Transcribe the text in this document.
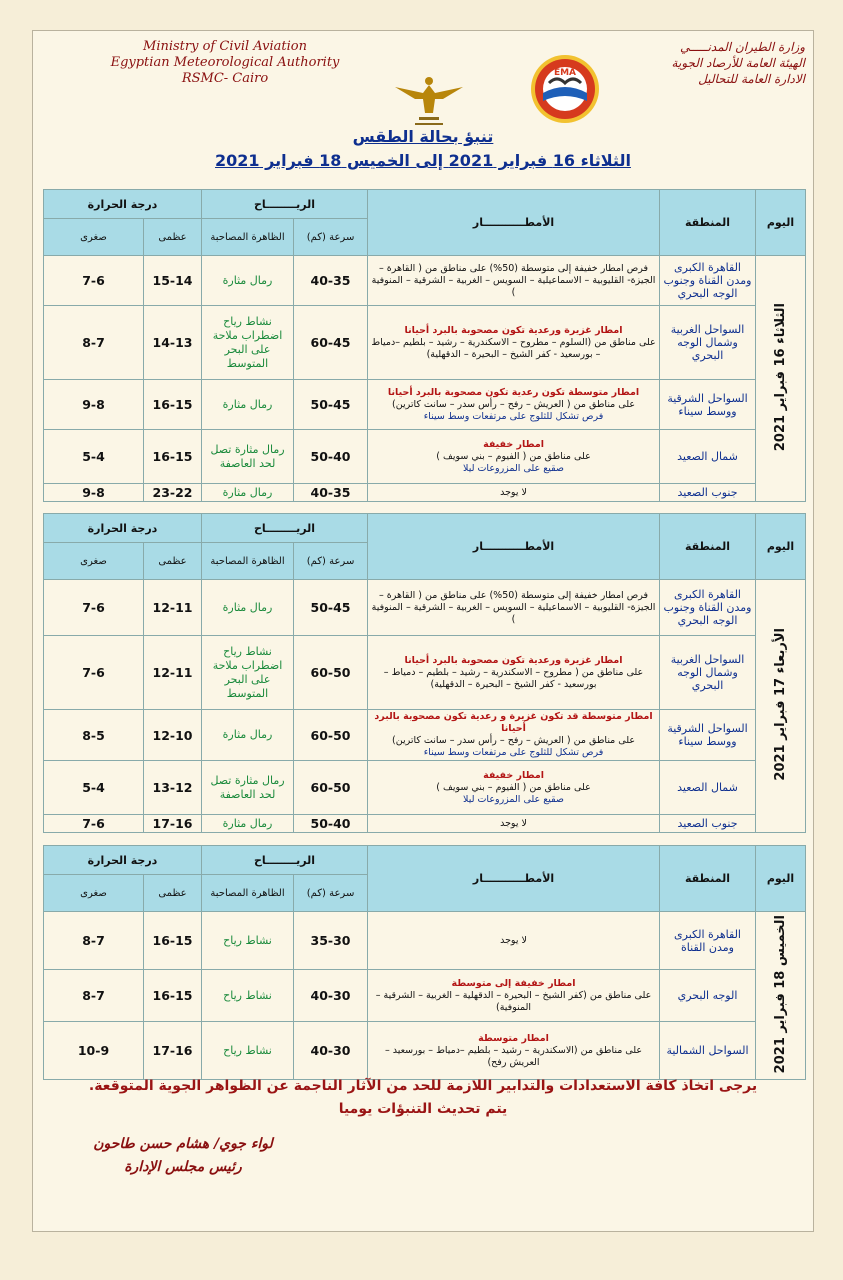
Ministry of Civil Aviation
Egyptian Meteorological Authority
RSMC- Cairo	EMA
وزارة الطيران المدنـــــي
الهيئة العامة للأرصاد الجوية
الادارة العامة للتحاليل
تنبؤ بحالة الطقس
الثلاثاء 16 فبراير 2021 إلى الخميس 18 فبراير 2021
اليوم	المنطقة	الأمطـــــــــــار	الريــــــــاح		درجة الحرارة	
			سرعة (كم)	الظاهرة المصاحبة	عظمى	صغرى
الثلاثاء 16 فبراير 2021	القاهرة الكبرى ومدن القناة وجنوب الوجه البحري	فرص امطار خفيفة إلى متوسطة (50%) على مناطق من ( القاهرة – الجيزة- القليوبية – الاسماعيلية – السويس – الغربية – الشرقية – المنوفية )	40-35	رمال مثارة	15-14	7-6
	السواحل الغربية وشمال الوجه البحري	امطار غزيرة ورعدية تكون مصحوبة بالبرد أحيانا
على مناطق من (السلوم – مطروح – الاسكندرية – رشيد – بلطيم –دمياط – بورسعيد - كفر الشيخ – البحيرة – الدقهلية)	60-45	نشاط رياح اضطراب ملاحة على البحر المتوسط	14-13	8-7
	السواحل الشرقية ووسط سيناء	امطار متوسطة تكون رعدية تكون مصحوبة بالبرد أحيانا
على مناطق من ( العريش – رفح – رأس سدر – سانت كاترين)
فرص تشكل للثلوج على مرتفعات وسط سيناء	50-45	رمال مثارة	16-15	9-8
	شمال الصعيد	امطار خفيفة
على مناطق من ( الفيوم – بني سويف )
صقيع على المزروعات ليلا	50-40	رمال مثارة تصل لحد العاصفة	16-15	5-4
	جنوب الصعيد	لا يوجد	40-35	رمال مثارة	23-22	9-8
اليوم	المنطقة	الأمطـــــــــــار	الريــــــــاح		درجة الحرارة	
			سرعة (كم)	الظاهرة المصاحبة	عظمى	صغرى
الأربعاء 17 فبراير 2021	القاهرة الكبرى ومدن القناة وجنوب الوجه البحري	فرص امطار خفيفة إلى متوسطة (50%) على مناطق من ( القاهرة – الجيزة- القليوبية – الاسماعيلية – السويس – الغربية – الشرقية – المنوفية )	50-45	رمال مثارة	12-11	7-6
	السواحل الغربية وشمال الوجه البحري	امطار غزيرة ورعدية تكون مصحوبة بالبرد أحيانا
على مناطق من ( مطروح – الاسكندرية – رشيد – بلطيم – دمياط – بورسعيد - كفر الشيخ – البحيرة – الدقهلية)	60-50	نشاط رياح اضطراب ملاحة على البحر المتوسط	12-11	7-6
	السواحل الشرقية ووسط سيناء	امطار متوسطة قد تكون غزيرة و رعدية تكون مصحوبة بالبرد أحيانا
على مناطق من ( العريش – رفح – رأس سدر – سانت كاترين)
فرص تشكل للثلوج على مرتفعات وسط سيناء	60-50	رمال مثارة	12-10	8-5
	شمال الصعيد	امطار خفيفة
على مناطق من ( الفيوم – بني سويف )
صقيع على المزروعات ليلا	60-50	رمال مثارة تصل لحد العاصفة	13-12	5-4
	جنوب الصعيد	لا يوجد	50-40	رمال مثارة	17-16	7-6
اليوم	المنطقة	الأمطـــــــــــار	الريــــــــاح		درجة الحرارة	
			سرعة (كم)	الظاهرة المصاحبة	عظمى	صغرى
الخميس 18 فبراير 2021	القاهرة الكبرى ومدن القناة	لا يوجد	35-30	نشاط رياح	16-15	8-7
	الوجه البحري	امطار خفيفة إلى متوسطة
على مناطق من (كفر الشيخ – البحيرة – الدقهلية – الغربية – الشرقية – المنوفية)	40-30	نشاط رياح	16-15	8-7
	السواحل الشمالية	امطار متوسطة
على مناطق من (الاسكندرية – رشيد – بلطيم –دمياط – بورسعيد – العريش رفح)	40-30	نشاط رياح	17-16	10-9
يرجى اتخاذ كافة الاستعدادات والتدابير اللازمة للحد من الآثار الناجمة عن الظواهر الجوية المتوقعة.
يتم تحديث التنبؤات يوميا
لواء جوي/ هشام حسن طاحون
رئيس مجلس الإدارة
